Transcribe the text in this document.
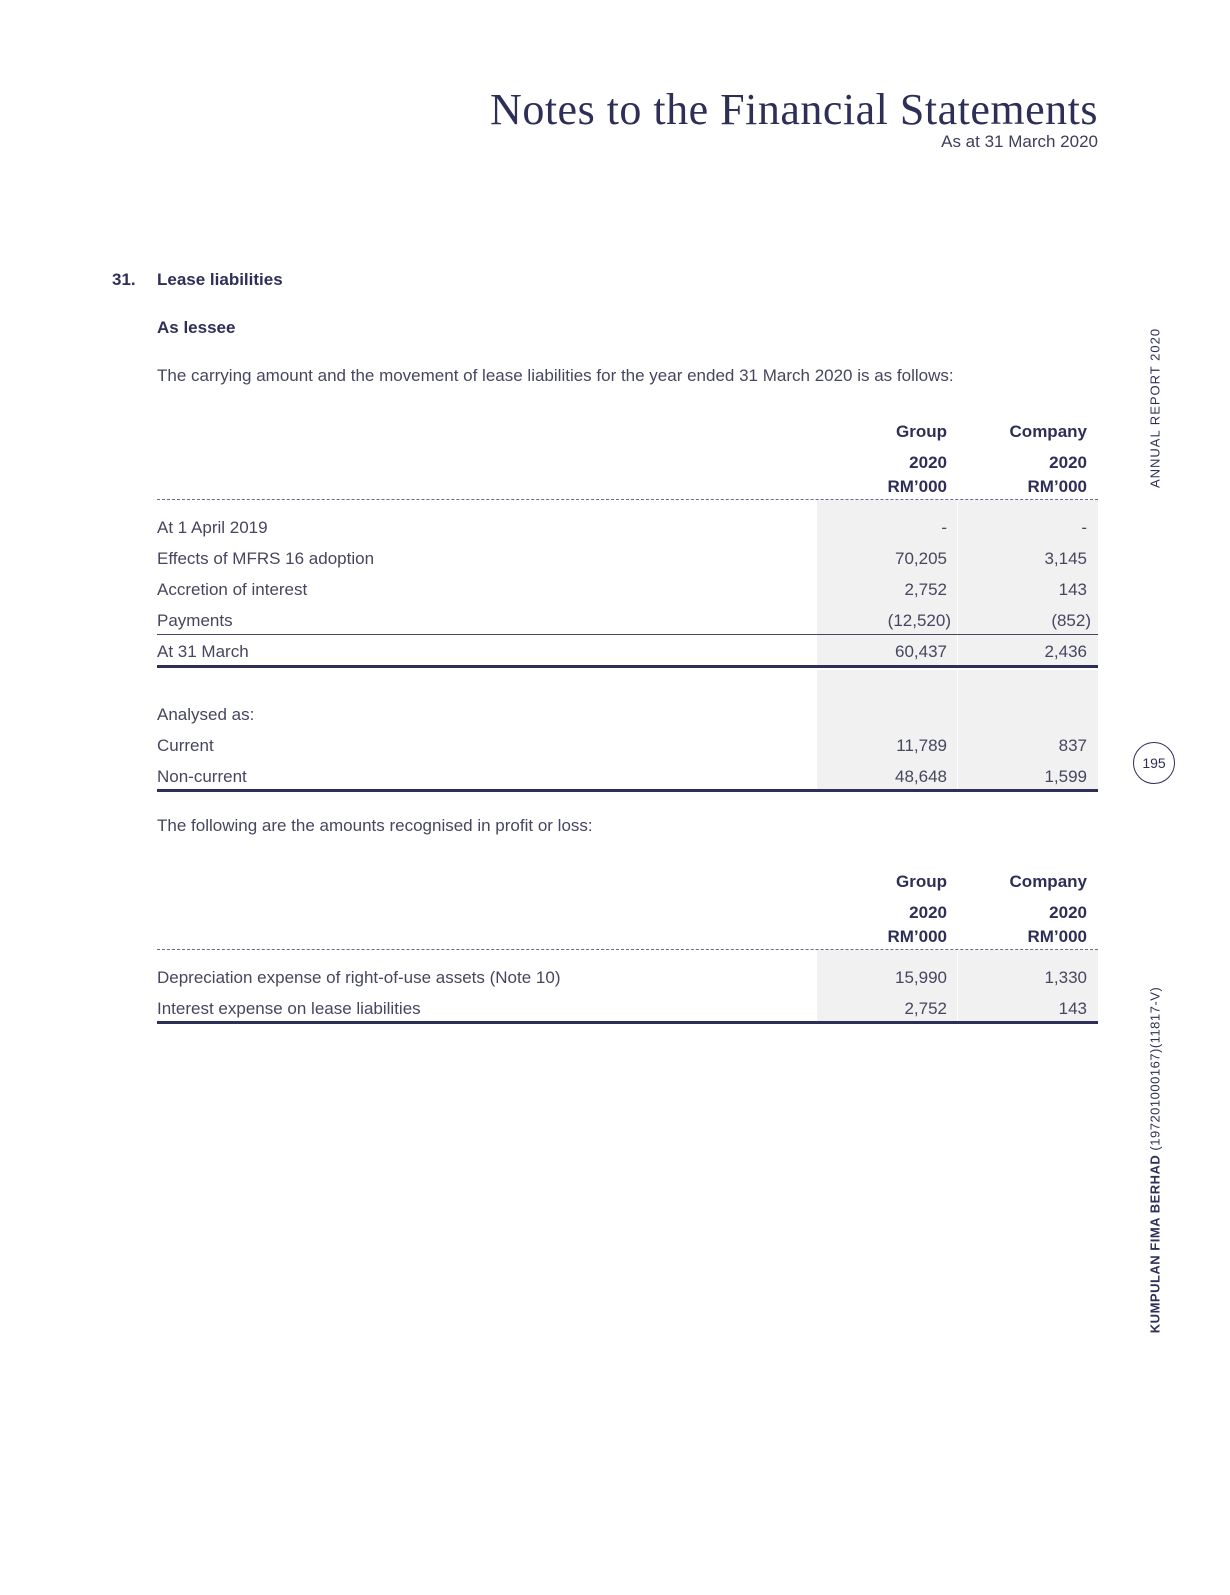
Notes to the Financial Statements
As at 31 March 2020
31. Lease liabilities
As lessee
The carrying amount and the movement of lease liabilities for the year ended 31 March 2020 is as follows:
Group	Company
2020	2020
RM’000	RM’000
At 1 April 2019	-	-
Effects of MFRS 16 adoption	70,205	3,145
Accretion of interest	2,752	143
Payments	(12,520)	(852)
At 31 March	60,437	2,436
Analysed as:
Current	11,789	837
Non-current	48,648	1,599
The following are the amounts recognised in profit or loss:
Group	Company
2020	2020
RM’000	RM’000
Depreciation expense of right-of-use assets (Note 10)	15,990	1,330
Interest expense on lease liabilities	2,752	143
ANNUAL REPORT 2020
195
KUMPULAN FIMA BERHAD (197201000167)(11817-V)
